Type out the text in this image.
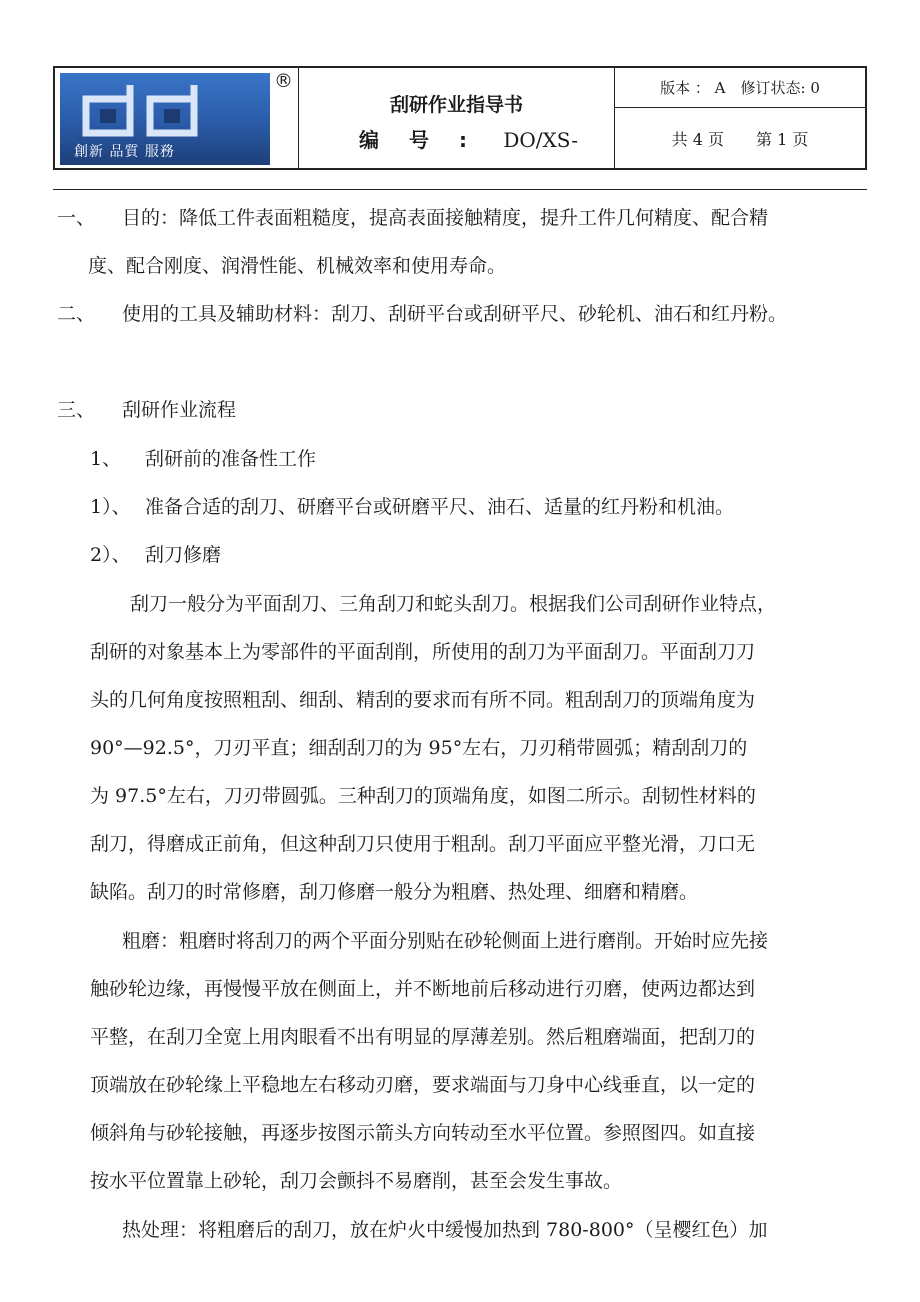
創新 品質 服務
®
刮研作业指导书
编号: DO/XS-
版本 ： A　修订状态: 0
共 4 页　　第 1 页
一、 目的：降低工件表面粗糙度，提高表面接触精度，提升工件几何精度、配合精
度、配合刚度、润滑性能、机械效率和使用寿命。
二、 使用的工具及辅助材料：刮刀、刮研平台或刮研平尺、砂轮机、油石和红丹粉。
三、 刮研作业流程
1、 刮研前的准备性工作
1）、 准备合适的刮刀、研磨平台或研磨平尺、油石、适量的红丹粉和机油。
2）、 刮刀修磨
刮刀一般分为平面刮刀、三角刮刀和蛇头刮刀。根据我们公司刮研作业特点，
刮研的对象基本上为零部件的平面刮削，所使用的刮刀为平面刮刀。平面刮刀刀
头的几何角度按照粗刮、细刮、精刮的要求而有所不同。粗刮刮刀的顶端角度为
90°—92.5°，刀刃平直；细刮刮刀的为 95°左右，刀刃稍带圆弧；精刮刮刀的
为 97.5°左右，刀刃带圆弧。三种刮刀的顶端角度，如图二所示。刮韧性材料的
刮刀，得磨成正前角，但这种刮刀只使用于粗刮。刮刀平面应平整光滑，刀口无
缺陷。刮刀的时常修磨，刮刀修磨一般分为粗磨、热处理、细磨和精磨。
粗磨：粗磨时将刮刀的两个平面分别贴在砂轮侧面上进行磨削。开始时应先接
触砂轮边缘，再慢慢平放在侧面上，并不断地前后移动进行刃磨，使两边都达到
平整，在刮刀全宽上用肉眼看不出有明显的厚薄差别。然后粗磨端面，把刮刀的
顶端放在砂轮缘上平稳地左右移动刃磨，要求端面与刀身中心线垂直，以一定的
倾斜角与砂轮接触，再逐步按图示箭头方向转动至水平位置。参照图四。如直接
按水平位置靠上砂轮，刮刀会颤抖不易磨削，甚至会发生事故。
热处理：将粗磨后的刮刀，放在炉火中缓慢加热到 780-800°（呈樱红色）加
